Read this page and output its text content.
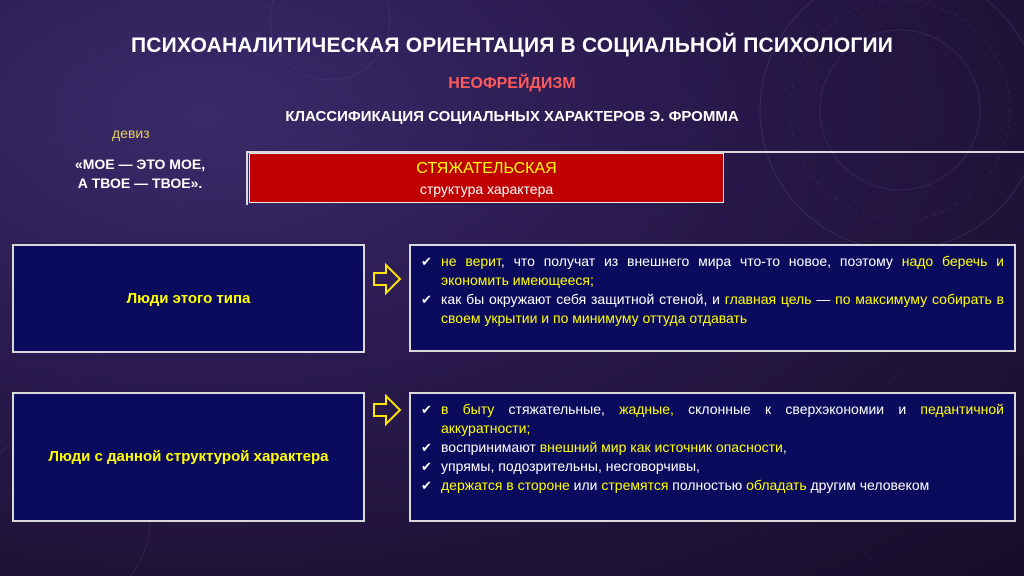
ПСИХОАНАЛИТИЧЕСКАЯ ОРИЕНТАЦИЯ В СОЦИАЛЬНОЙ ПСИХОЛОГИИ
НЕОФРЕЙДИЗМ
КЛАССИФИКАЦИЯ СОЦИАЛЬНЫХ ХАРАКТЕРОВ Э. ФРОММА
девиз
«МОЕ — ЭТО МОЕ,
А ТВОЕ — ТВОЕ».
СТЯЖАТЕЛЬСКАЯ
структура характера
Люди этого типа
✔ не верит, что получат из внешнего мира что-то новое, поэтому надо беречь и экономить имеющееся;
✔ как бы окружают себя защитной стеной, и главная цель — по максимуму собирать в своем укрытии и по минимуму оттуда отдавать
Люди с данной структурой характера
✔ в быту стяжательные, жадные, склонные к сверхэкономии и педантичной аккуратности;
✔ воспринимают внешний мир как источник опасности,
✔ упрямы, подозрительны, несговорчивы,
✔ держатся в стороне или стремятся полностью обладать другим человеком
